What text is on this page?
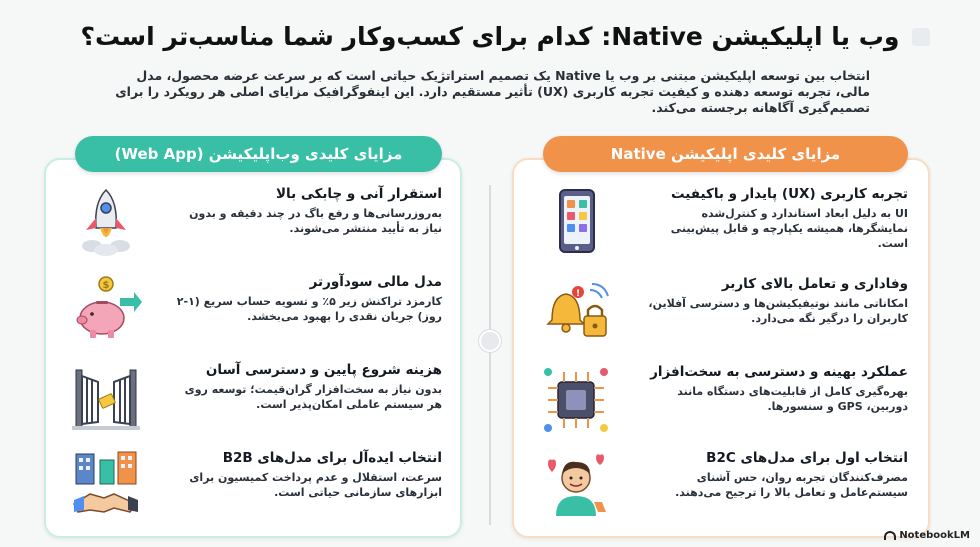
وب یا اپلیکیشن Native: کدام برای کسب‌وکار شما مناسب‌تر است؟
انتخاب بین توسعه اپلیکیشن مبتنی بر وب یا Native یک تصمیم استراتژیک حیاتی است که بر سرعت عرضه محصول، مدل مالی، تجربه توسعه دهنده و کیفیت تجربه کاربری (UX) تأثیر مستقیم دارد. این اینفوگرافیک مزایای اصلی هر رویکرد را برای تصمیم‌گیری آگاهانه برجسته می‌کند.
مزایای کلیدی اپلیکیشن Native
مزایای کلیدی وب‌اپلیکیشن (Web App)
تجربه کاربری (UX) پایدار و باکیفیت
UI به دلیل ابعاد استاندارد و کنترل‌شده نمایشگرها، همیشه یکپارچه و قابل پیش‌بینی است.
!
وفاداری و تعامل بالای کاربر
امکاناتی مانند نوتیفیکیشن‌ها و دسترسی آفلاین، کاربران را درگیر نگه می‌دارد.
عملکرد بهینه و دسترسی به سخت‌افزار
بهره‌گیری کامل از قابلیت‌های دستگاه مانند دوربین، GPS و سنسورها.
انتخاب اول برای مدل‌های B2C
مصرف‌کنندگان تجربه روان، حس آشنای سیستم‌عامل و تعامل بالا را ترجیح می‌دهند.
استقرار آنی و چابکی بالا
به‌روزرسانی‌ها و رفع باگ در چند دقیقه و بدون نیاز به تأیید منتشر می‌شوند.
$	مدل مالی سودآورتر
کارمزد تراکنش زیر ۵٪ و تسویه حساب سریع (۱-۲ روز) جریان نقدی را بهبود می‌بخشد.
هزینه شروع پایین و دسترسی آسان
بدون نیاز به سخت‌افزار گران‌قیمت؛ توسعه روی هر سیستم عاملی امکان‌پذیر است.
انتخاب ایده‌آل برای مدل‌های B2B
سرعت، استقلال و عدم پرداخت کمیسیون برای ابزارهای سازمانی حیاتی است.
NotebookLM
